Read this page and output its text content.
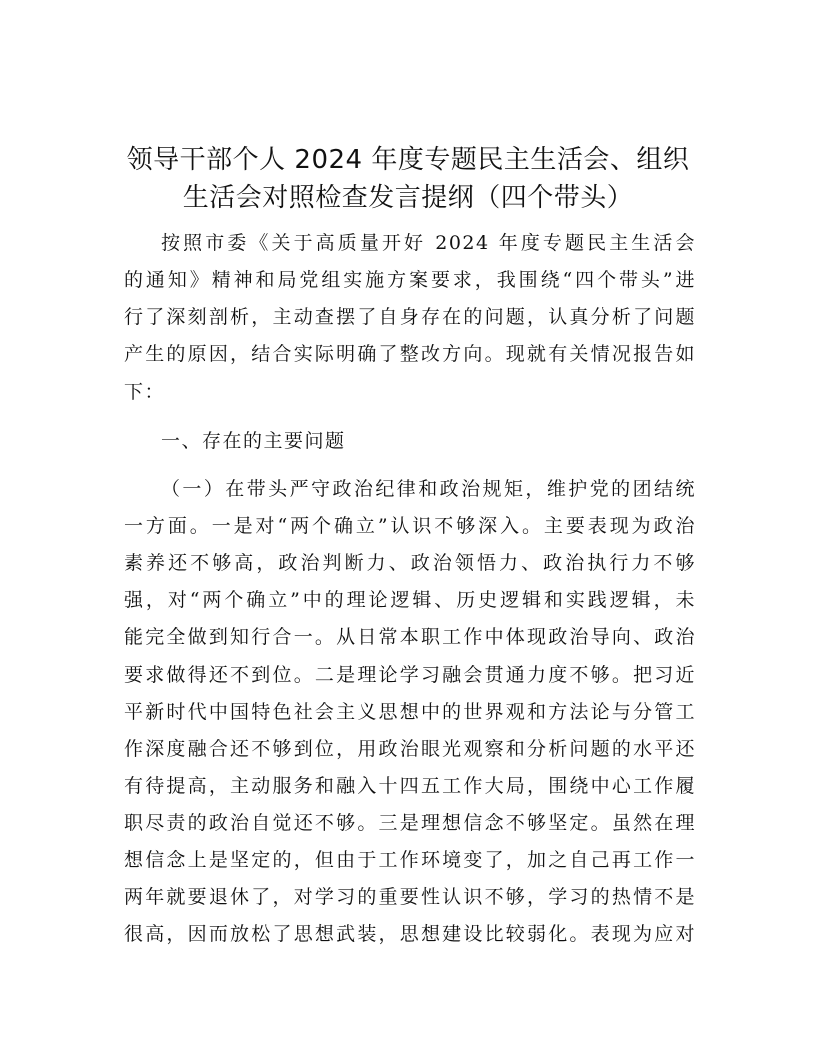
领导干部个人 2024 年度专题民主生活会、组织
生活会对照检查发言提纲（四个带头）
按照市委《关于高质量开好 2024 年度专题民主生活会
的通知》精神和局党组实施方案要求，我围绕“四个带头”进
行了深刻剖析，主动查摆了自身存在的问题，认真分析了问题
产生的原因，结合实际明确了整改方向。现就有关情况报告如
下：
一、存在的主要问题
（一）在带头严守政治纪律和政治规矩，维护党的团结统
一方面。一是对“两个确立”认识不够深入。主要表现为政治
素养还不够高，政治判断力、政治领悟力、政治执行力不够
强，对“两个确立”中的理论逻辑、历史逻辑和实践逻辑，未
能完全做到知行合一。从日常本职工作中体现政治导向、政治
要求做得还不到位。二是理论学习融会贯通力度不够。把习近
平新时代中国特色社会主义思想中的世界观和方法论与分管工
作深度融合还不够到位，用政治眼光观察和分析问题的水平还
有待提高，主动服务和融入十四五工作大局，围绕中心工作履
职尽责的政治自觉还不够。三是理想信念不够坚定。虽然在理
想信念上是坚定的，但由于工作环境变了，加之自己再工作一
两年就要退休了，对学习的重要性认识不够，学习的热情不是
很高，因而放松了思想武装，思想建设比较弱化。表现为应对
